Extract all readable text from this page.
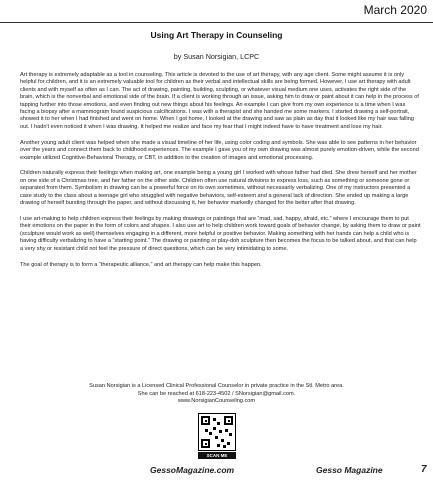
March 2020
Using Art Therapy in Counseling
by Susan Norsigian, LCPC

Art therapy is extremely adaptable as a tool in counseling. This article is devoted to the use of art therapy, with any age client. Some might assume it is only helpful for children, and it is an extremely valuable tool for children as their verbal and intellectual skills are being formed. However, I use art therapy with adult clients and with myself as often as I can. The act of drawing, painting, building, sculpting, or whatever visual medium one uses, activates the right side of the brain, which is the nonverbal and emotional side of the brain. If a client is working through an issue, asking him to draw or paint about it can help in the process of tapping further into those emotions, and even finding out new things about his feelings. An example I can give from my own experience is a time when I was facing a biopsy after a mammogram found suspicious calcifications. I was with a therapist and she handed me some markers. I started drawing a self-portrait, showed it to her when I had finished and went on home. When I got home, I looked at the drawing and saw as plain as day that it looked like my hair was falling out. I hadn't even noticed it when I was drawing. It helped me realize and face my fear that I might indeed have to have treatment and lose my hair.

Another young adult client was helped when she made a visual timeline of her life, using color coding and symbols. She was able to see patterns in her behavior over the years and connect them back to childhood experiences. The example I gave you of my own drawing was almost purely emotion-driven, while the second example utilized Cognitive-Behavioral Therapy, or CBT, in addition to the creation of images and emotional processing.

Children naturally express their feelings when making art, one example being a young girl I worked with whose father had died. She drew herself and her mother on one side of a Christmas tree, and her father on the other side. Children often use natural divisions to express loss, such as something or someone gone or separated from them. Symbolism in drawing can be a powerful force on its own sometimes, without necessarily verbalizing. One of my instructors presented a case study to the class about a teenage girl who struggled with negative behaviors, self-esteem and a general lack of direction. She ended up making a large drawing of herself bursting through the paper, and without discussing it, her behavior markedly changed for the better after that drawing.

I use art-making to help children express their feelings by making drawings or paintings that are “mad, sad, happy, afraid, etc.” where I encourage them to put their emotions on the paper in the form of colors and shapes. I also use art to help children work toward goals of behavior change, by asking them to draw or paint (sculpture would work as well) themselves engaging in a different, more helpful or positive behavior. Making something with her hands can help a child who is having difficulty verbalizing to have a “starting point.” The drawing or painting or play-doh sculpture then becomes the focus to be talked about, and that can help a very shy or resistant child not feel the pressure of direct questions, which can be very intimidating to some.

The goal of therapy is to form a “therapeutic alliance,” and art therapy can help make this happen.

Susan Norsigian is a Licensed Clinical Professional Counselor in private practice in the Stl. Metro area.
She can be reached at 618-223-4502 / SNorsigian@gmail.com.
www.NorsigianCounseling.com
SCAN ME
GessoMagazine.com	Gesso Magazine	7
